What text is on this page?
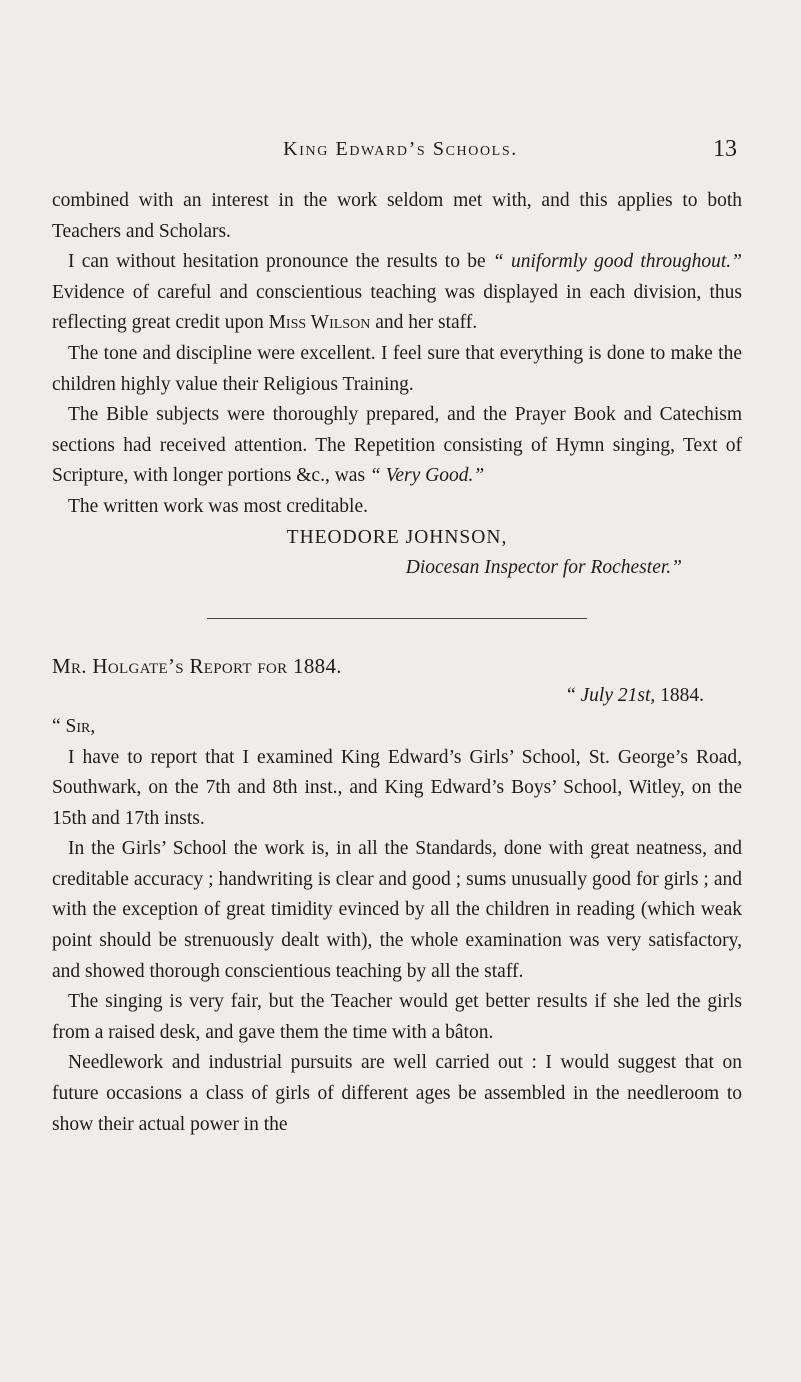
King Edward’s Schools.	13

combined with an interest in the work seldom met with, and this applies to both Teachers and Scholars.

I can without hesitation pronounce the results to be “ uniformly good throughout.” Evidence of careful and conscientious teaching was displayed in each division, thus reflecting great credit upon Miss Wilson and her staff.

The tone and discipline were excellent. I feel sure that everything is done to make the children highly value their Religious Training.

The Bible subjects were thoroughly prepared, and the Prayer Book and Catechism sections had received attention. The Repetition consisting of Hymn singing, Text of Scripture, with longer portions &c., was “ Very Good.”

The written work was most creditable.

THEODORE JOHNSON,

Diocesan Inspector for Rochester.”

Mr. Holgate’s Report for 1884.

“ July 21st, 1884.

“ Sir,

I have to report that I examined King Edward’s Girls’ School, St. George’s Road, Southwark, on the 7th and 8th inst., and King Edward’s Boys’ School, Witley, on the 15th and 17th insts.

In the Girls’ School the work is, in all the Standards, done with great neatness, and creditable accuracy ; handwriting is clear and good ; sums unusually good for girls ; and with the exception of great timidity evinced by all the children in reading (which weak point should be strenuously dealt with), the whole examination was very satisfactory, and showed thorough conscientious teaching by all the staff.

The singing is very fair, but the Teacher would get better results if she led the girls from a raised desk, and gave them the time with a bâton.

Needlework and industrial pursuits are well carried out : I would suggest that on future occasions a class of girls of different ages be assembled in the needleroom to show their actual power in the
